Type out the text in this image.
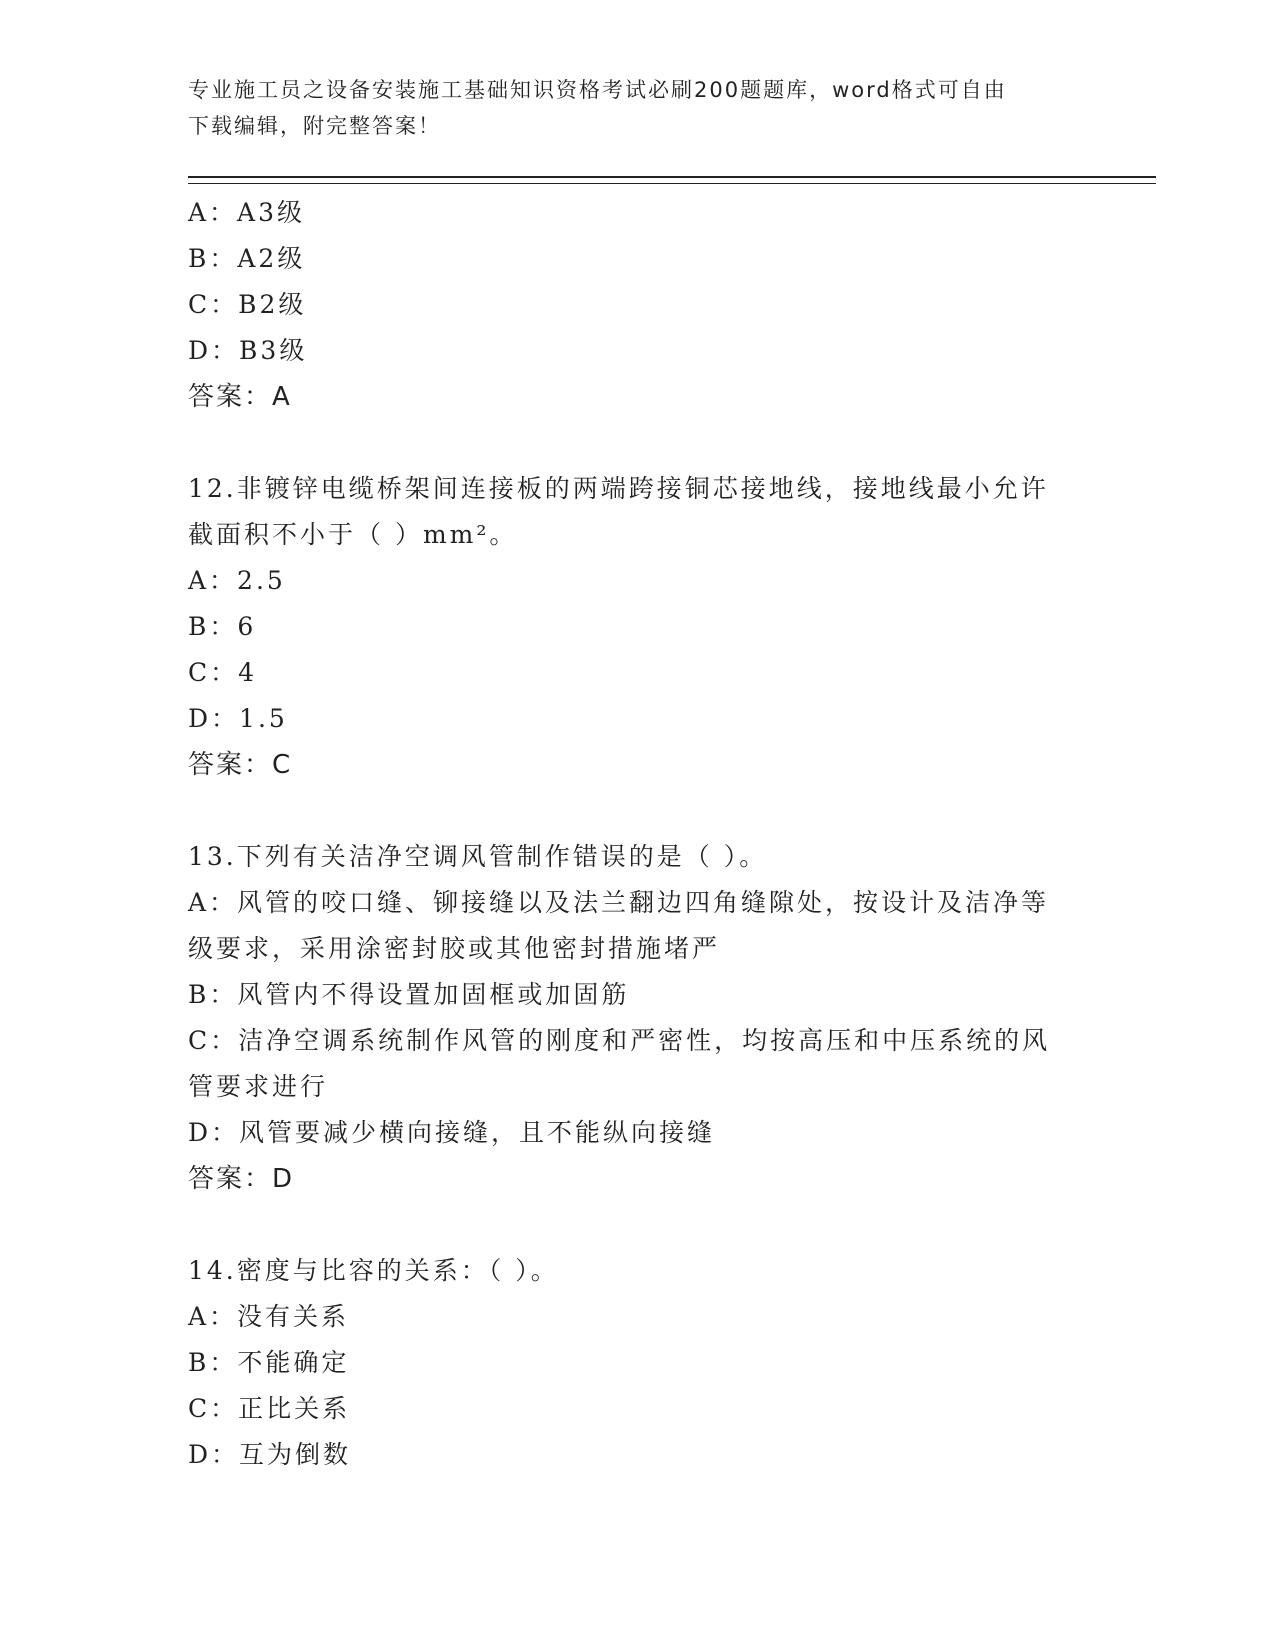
专业施工员之设备安装施工基础知识资格考试必刷200题题库，word格式可自由
下载编辑，附完整答案！

A：A3级

B：A2级

C：B2级

D：B3级

答案：A

12.非镀锌电缆桥架间连接板的两端跨接铜芯接地线，接地线最小允许

截面积不小于（ ）mm²。

A：2.5

B：6

C：4

D：1.5

答案：C

13.下列有关洁净空调风管制作错误的是（ ）。

A：风管的咬口缝、铆接缝以及法兰翻边四角缝隙处，按设计及洁净等

级要求，采用涂密封胶或其他密封措施堵严

B：风管内不得设置加固框或加固筋

C：洁净空调系统制作风管的刚度和严密性，均按高压和中压系统的风

管要求进行

D：风管要减少横向接缝，且不能纵向接缝

答案：D

14.密度与比容的关系：（ ）。

A：没有关系

B：不能确定

C：正比关系

D：互为倒数
